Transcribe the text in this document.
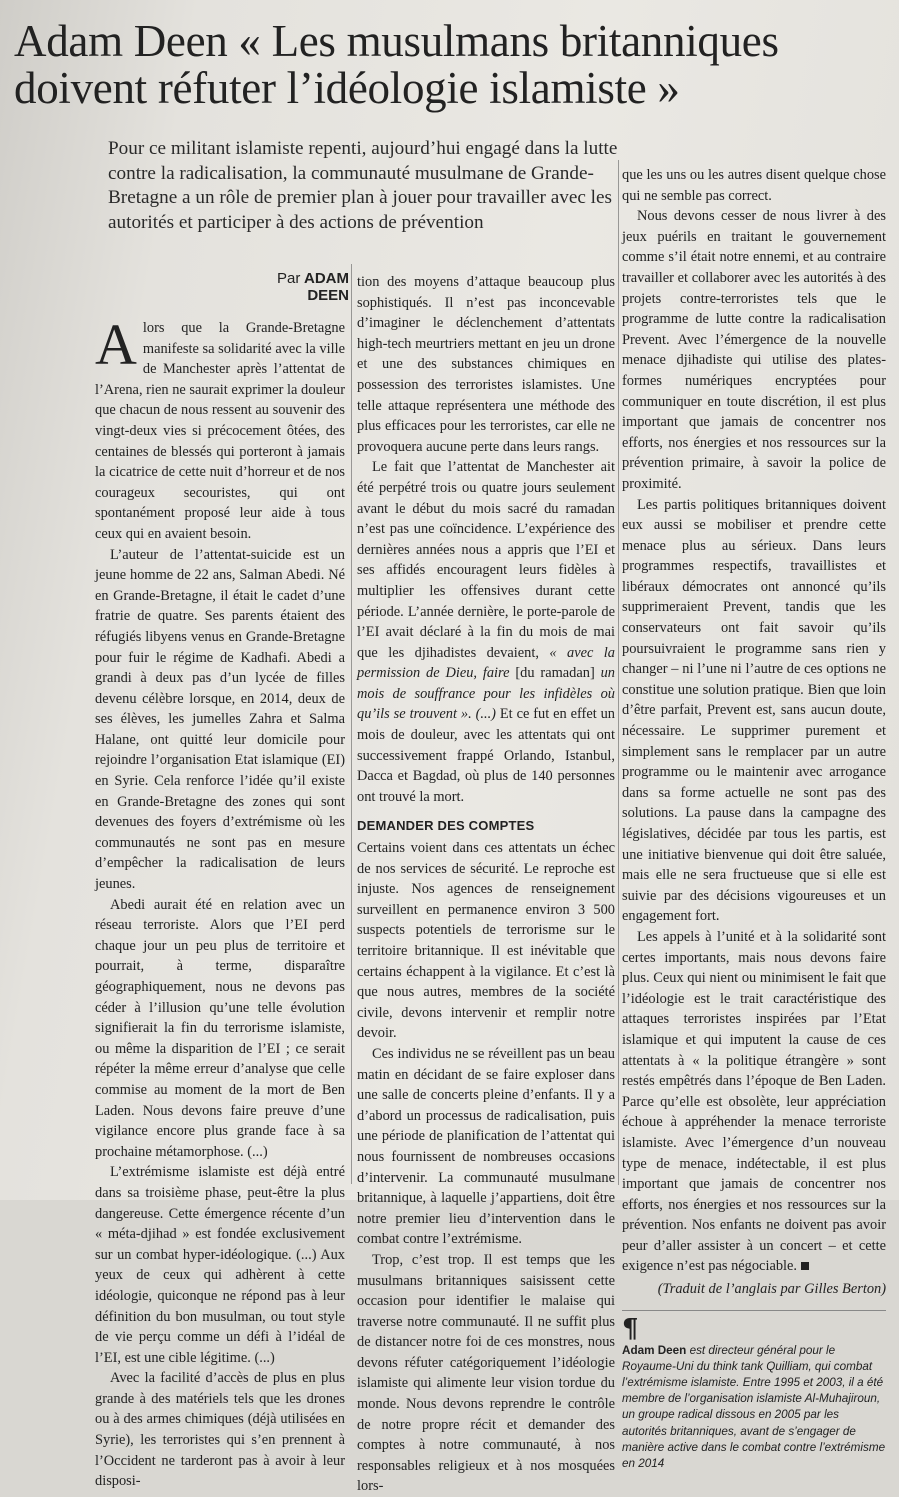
Adam Deen « Les musulmans britanniques doivent réfuter l’idéologie islamiste »

Pour ce militant islamiste repenti, aujourd’hui engagé dans la lutte contre la radicalisation, la communauté musulmane de Grande-Bretagne a un rôle de premier plan à jouer pour travailler avec les autorités et participer à des actions de prévention

Par ADAM DEEN

Alors que la Grande-Bretagne manifeste sa solidarité avec la ville de Manchester après l’attentat de l’Arena, rien ne saurait exprimer la douleur que chacun de nous ressent au souvenir des vingt-deux vies si précocement ôtées, des centaines de blessés qui porteront à jamais la cicatrice de cette nuit d’horreur et de nos courageux secouristes, qui ont spontanément proposé leur aide à tous ceux qui en avaient besoin.

L’auteur de l’attentat-suicide est un jeune homme de 22 ans, Salman Abedi. Né en Grande-Bretagne, il était le cadet d’une fratrie de quatre. Ses parents étaient des réfugiés libyens venus en Grande-Bretagne pour fuir le régime de Kadhafi. Abedi a grandi à deux pas d’un lycée de filles devenu célèbre lorsque, en 2014, deux de ses élèves, les jumelles Zahra et Salma Halane, ont quitté leur domicile pour rejoindre l’organisation Etat islamique (EI) en Syrie. Cela renforce l’idée qu’il existe en Grande-Bretagne des zones qui sont devenues des foyers d’extrémisme où les communautés ne sont pas en mesure d’empêcher la radicalisation de leurs jeunes.

Abedi aurait été en relation avec un réseau terroriste. Alors que l’EI perd chaque jour un peu plus de territoire et pourrait, à terme, disparaître géographiquement, nous ne devons pas céder à l’illusion qu’une telle évolution signifierait la fin du terrorisme islamiste, ou même la disparition de l’EI ; ce serait répéter la même erreur d’analyse que celle commise au moment de la mort de Ben Laden. Nous devons faire preuve d’une vigilance encore plus grande face à sa prochaine métamorphose. (...)

L’extrémisme islamiste est déjà entré dans sa troisième phase, peut-être la plus dangereuse. Cette émergence récente d’un « méta-djihad » est fondée exclusivement sur un combat hyper-idéologique. (...) Aux yeux de ceux qui adhèrent à cette idéologie, quiconque ne répond pas à leur définition du bon musulman, ou tout style de vie perçu comme un défi à l’idéal de l’EI, est une cible légitime. (...)

Avec la facilité d’accès de plus en plus grande à des matériels tels que les drones ou à des armes chimiques (déjà utilisées en Syrie), les terroristes qui s’en prennent à l’Occident ne tarderont pas à avoir à leur disposi-

tion des moyens d’attaque beaucoup plus sophistiqués. Il n’est pas inconcevable d’imaginer le déclenchement d’attentats high-tech meurtriers mettant en jeu un drone et une des substances chimiques en possession des terroristes islamistes. Une telle attaque représentera une méthode des plus efficaces pour les terroristes, car elle ne provoquera aucune perte dans leurs rangs.

Le fait que l’attentat de Manchester ait été perpétré trois ou quatre jours seulement avant le début du mois sacré du ramadan n’est pas une coïncidence. L’expérience des dernières années nous a appris que l’EI et ses affidés encouragent leurs fidèles à multiplier les offensives durant cette période. L’année dernière, le porte-parole de l’EI avait déclaré à la fin du mois de mai que les djihadistes devaient, « avec la permission de Dieu, faire [du ramadan] un mois de souffrance pour les infidèles où qu’ils se trouvent ». (...) Et ce fut en effet un mois de douleur, avec les attentats qui ont successivement frappé Orlando, Istanbul, Dacca et Bagdad, où plus de 140 personnes ont trouvé la mort.

DEMANDER DES COMPTES

Certains voient dans ces attentats un échec de nos services de sécurité. Le reproche est injuste. Nos agences de renseignement surveillent en permanence environ 3 500 suspects potentiels de terrorisme sur le territoire britannique. Il est inévitable que certains échappent à la vigilance. Et c’est là que nous autres, membres de la société civile, devons intervenir et remplir notre devoir.

Ces individus ne se réveillent pas un beau matin en décidant de se faire exploser dans une salle de concerts pleine d’enfants. Il y a d’abord un processus de radicalisation, puis une période de planification de l’attentat qui nous fournissent de nombreuses occasions d’intervenir. La communauté musulmane britannique, à laquelle j’appartiens, doit être notre premier lieu d’intervention dans le combat contre l’extrémisme.

Trop, c’est trop. Il est temps que les musulmans britanniques saisissent cette occasion pour identifier le malaise qui traverse notre communauté. Il ne suffit plus de distancer notre foi de ces monstres, nous devons réfuter catégoriquement l’idéologie islamiste qui alimente leur vision tordue du monde. Nous devons reprendre le contrôle de notre propre récit et demander des comptes à notre communauté, à nos responsables religieux et à nos mosquées lors-

que les uns ou les autres disent quelque chose qui ne semble pas correct.

Nous devons cesser de nous livrer à des jeux puérils en traitant le gouvernement comme s’il était notre ennemi, et au contraire travailler et collaborer avec les autorités à des projets contre-terroristes tels que le programme de lutte contre la radicalisation Prevent. Avec l’émergence de la nouvelle menace djihadiste qui utilise des plates-formes numériques encryptées pour communiquer en toute discrétion, il est plus important que jamais de concentrer nos efforts, nos énergies et nos ressources sur la prévention primaire, à savoir la police de proximité.

Les partis politiques britanniques doivent eux aussi se mobiliser et prendre cette menace plus au sérieux. Dans leurs programmes respectifs, travaillistes et libéraux démocrates ont annoncé qu’ils supprimeraient Prevent, tandis que les conservateurs ont fait savoir qu’ils poursuivraient le programme sans rien y changer – ni l’une ni l’autre de ces options ne constitue une solution pratique. Bien que loin d’être parfait, Prevent est, sans aucun doute, nécessaire. Le supprimer purement et simplement sans le remplacer par un autre programme ou le maintenir avec arrogance dans sa forme actuelle ne sont pas des solutions. La pause dans la campagne des législatives, décidée par tous les partis, est une initiative bienvenue qui doit être saluée, mais elle ne sera fructueuse que si elle est suivie par des décisions vigoureuses et un engagement fort.

Les appels à l’unité et à la solidarité sont certes importants, mais nous devons faire plus. Ceux qui nient ou minimisent le fait que l’idéologie est le trait caractéristique des attaques terroristes inspirées par l’Etat islamique et qui imputent la cause de ces attentats à « la politique étrangère » sont restés empêtrés dans l’époque de Ben Laden. Parce qu’elle est obsolète, leur appréciation échoue à appréhender la menace terroriste islamiste. Avec l’émergence d’un nouveau type de menace, indétectable, il est plus important que jamais de concentrer nos efforts, nos énergies et nos ressources sur la prévention. Nos enfants ne doivent pas avoir peur d’aller assister à un concert – et cette exigence n’est pas négociable.

(Traduit de l’anglais par Gilles Berton)
¶
Adam Deen est directeur général pour le Royaume-Uni du think tank Quilliam, qui combat l’extrémisme islamiste. Entre 1995 et 2003, il a été membre de l’organisation islamiste Al-Muhajiroun, un groupe radical dissous en 2005 par les autorités britanniques, avant de s’engager de manière active dans le combat contre l’extrémisme en 2014
